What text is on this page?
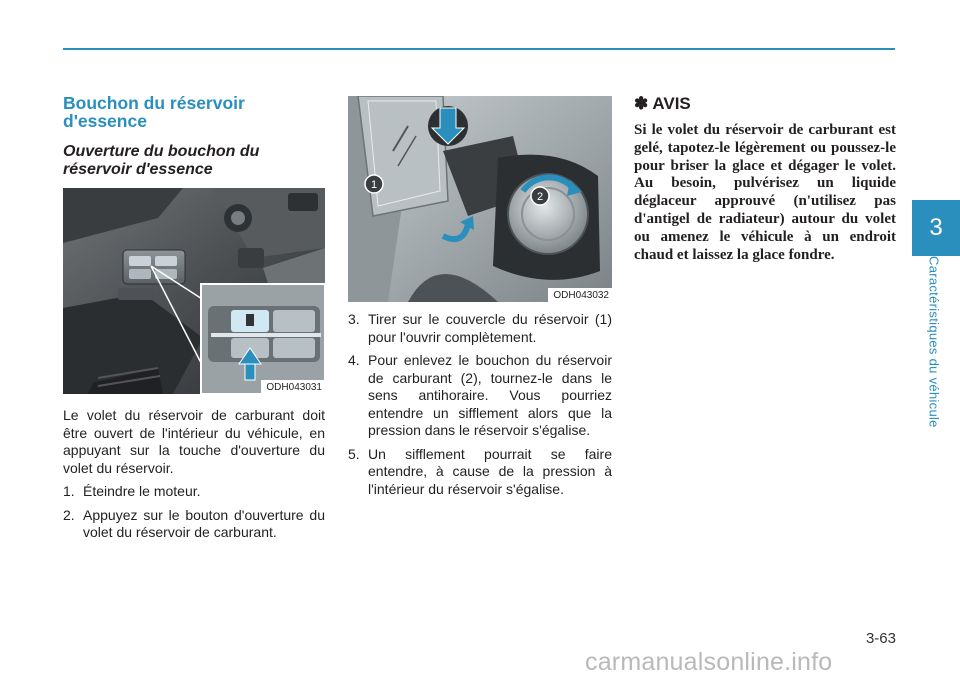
3
Caractéristiques du véhicule
Bouchon du réservoir d'essence
Ouverture du bouchon du réservoir d'essence
ODH043031

Le volet du réservoir de carburant doit être ouvert de l'intérieur du véhicule, en appuyant sur la touche d'ouverture du volet du réservoir.

1. Éteindre le moteur.
2. Appuyez sur le bouton d'ouverture du volet du réservoir de carburant.
1
2
ODH043032
3. Tirer sur le couvercle du réservoir (1) pour l'ouvrir complètement.
4. Pour enlevez le bouchon du réservoir de carburant (2), tournez-le dans le sens antihoraire. Vous pourriez entendre un sifflement alors que la pression dans le réservoir s'égalise.
5. Un sifflement pourrait se faire entendre, à cause de la pression à l'intérieur du réservoir s'égalise.
✽ AVIS

Si le volet du réservoir de carburant est gelé, tapotez-le légèrement ou poussez-le pour briser la glace et dégager le volet. Au besoin, pulvérisez un liquide déglaceur approuvé (n'utilisez pas d'antigel de radiateur) autour du volet ou amenez le véhicule à un endroit chaud et laissez la glace fondre.

3-63
carmanualsonline.info
